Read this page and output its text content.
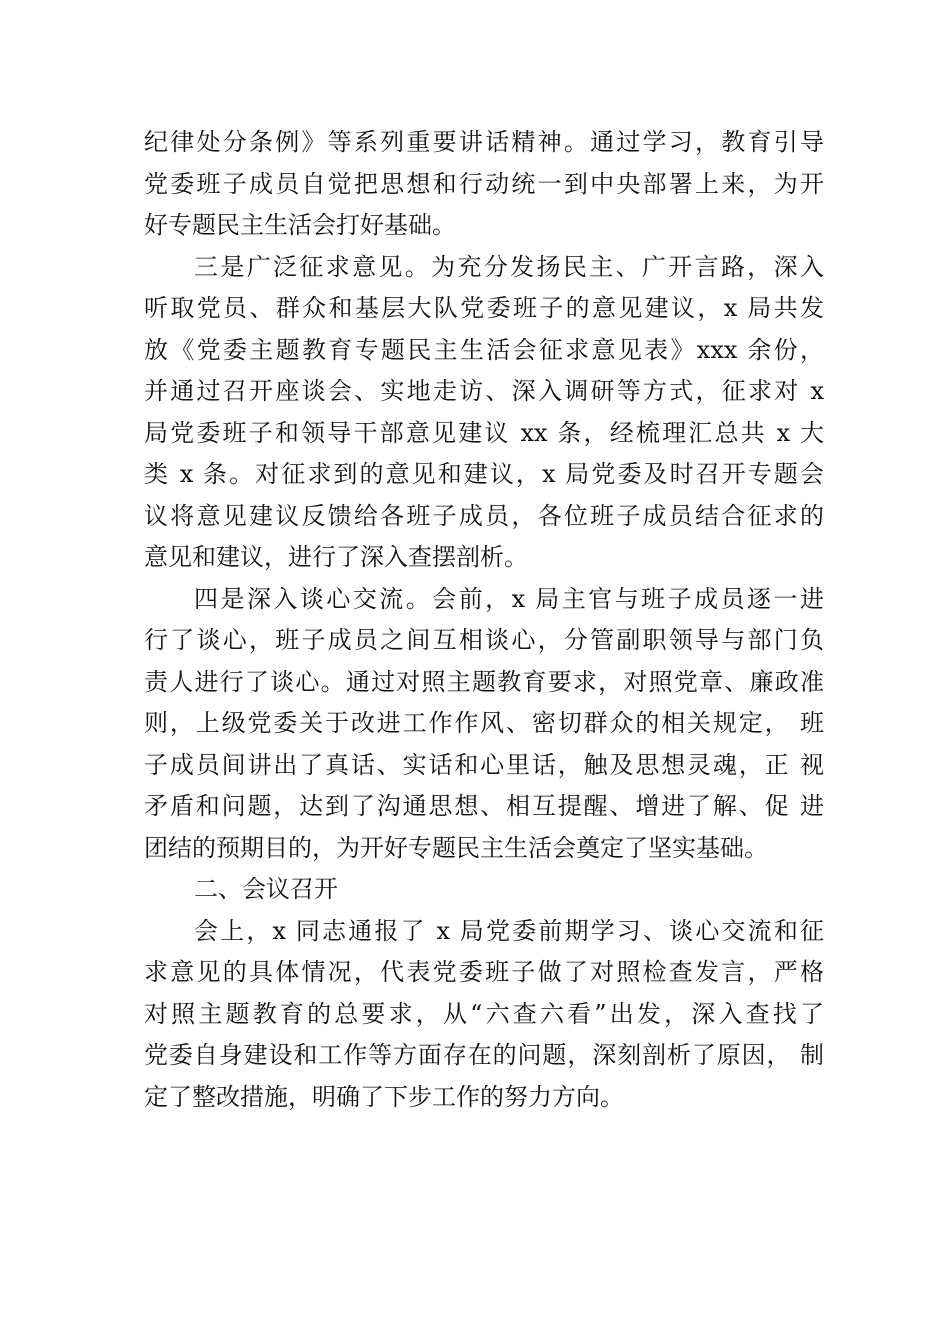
纪律处分条例》等系列重要讲话精神。通过学习，教育引导
党委班子成员自觉把思想和行动统一到中央部署上来，为开
好专题民主生活会打好基础。
三是广泛征求意见。为充分发扬民主、广开言路，深入
听取党员、群众和基层大队党委班子的意见建议，x 局共发
放《党委主题教育专题民主生活会征求意见表》xxx 余份，
并通过召开座谈会、实地走访、深入调研等方式，征求对 x
局党委班子和领导干部意见建议 xx 条，经梳理汇总共 x 大
类 x 条。对征求到的意见和建议，x 局党委及时召开专题会
议将意见建议反馈给各班子成员，各位班子成员结合征求的
意见和建议，进行了深入查摆剖析。
四是深入谈心交流。会前，x 局主官与班子成员逐一进
行了谈心，班子成员之间互相谈心，分管副职领导与部门负
责人进行了谈心。通过对照主题教育要求，对照党章、廉政准
则，上级党委关于改进工作作风、密切群众的相关规定， 班
子成员间讲出了真话、实话和心里话，触及思想灵魂，正 视
矛盾和问题，达到了沟通思想、相互提醒、增进了解、促 进
团结的预期目的，为开好专题民主生活会奠定了坚实基础。
二、会议召开
会上，x 同志通报了 x 局党委前期学习、谈心交流和征
求意见的具体情况，代表党委班子做了对照检查发言，严格
对照主题教育的总要求，从“六查六看”出发，深入查找了
党委自身建设和工作等方面存在的问题，深刻剖析了原因， 制
定了整改措施，明确了下步工作的努力方向。
